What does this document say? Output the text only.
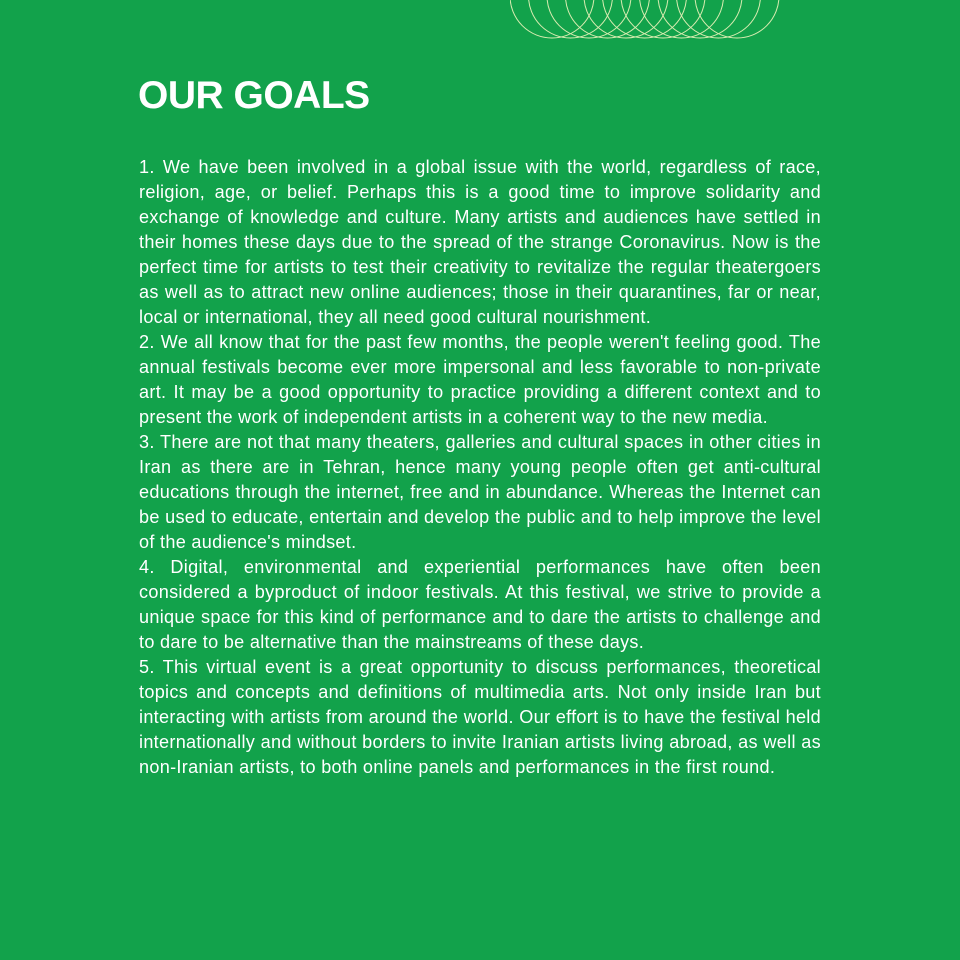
OUR GOALS

1. We have been involved in a global issue with the world, regardless of race, religion, age, or belief. Perhaps this is a good time to improve solidarity and exchange of knowledge and culture. Many artists and audiences have settled in their homes these days due to the spread of the strange Coronavirus. Now is the perfect time for artists to test their creativity to revitalize the regular theatergoers as well as to attract new online audiences; those in their quarantines, far or near, local or international, they all need good cultural nourishment.

2. We all know that for the past few months, the people weren't feeling good. The annual festivals become ever more impersonal and less favorable to non-private art. It may be a good opportunity to practice providing a different context and to present the work of independent artists in a coherent way to the new media.

3. There are not that many theaters, galleries and cultural spaces in other cities in Iran as there are in Tehran, hence many young people often get anti-cultural educations through the internet, free and in abundance. Whereas the Internet can be used to educate, entertain and develop the public and to help improve the level of the audience's mindset.

4. Digital, environmental and experiential performances have often been considered a byproduct of indoor festivals. At this festival, we strive to provide a unique space for this kind of performance and to dare the artists to challenge and to dare to be alternative than the mainstreams of these days.

5. This virtual event is a great opportunity to discuss performances, theoretical topics and concepts and definitions of multimedia arts. Not only inside Iran but interacting with artists from around the world. Our effort is to have the festival held internationally and without borders to invite Iranian artists living abroad, as well as non-Iranian artists, to both online panels and performances in the first round.
